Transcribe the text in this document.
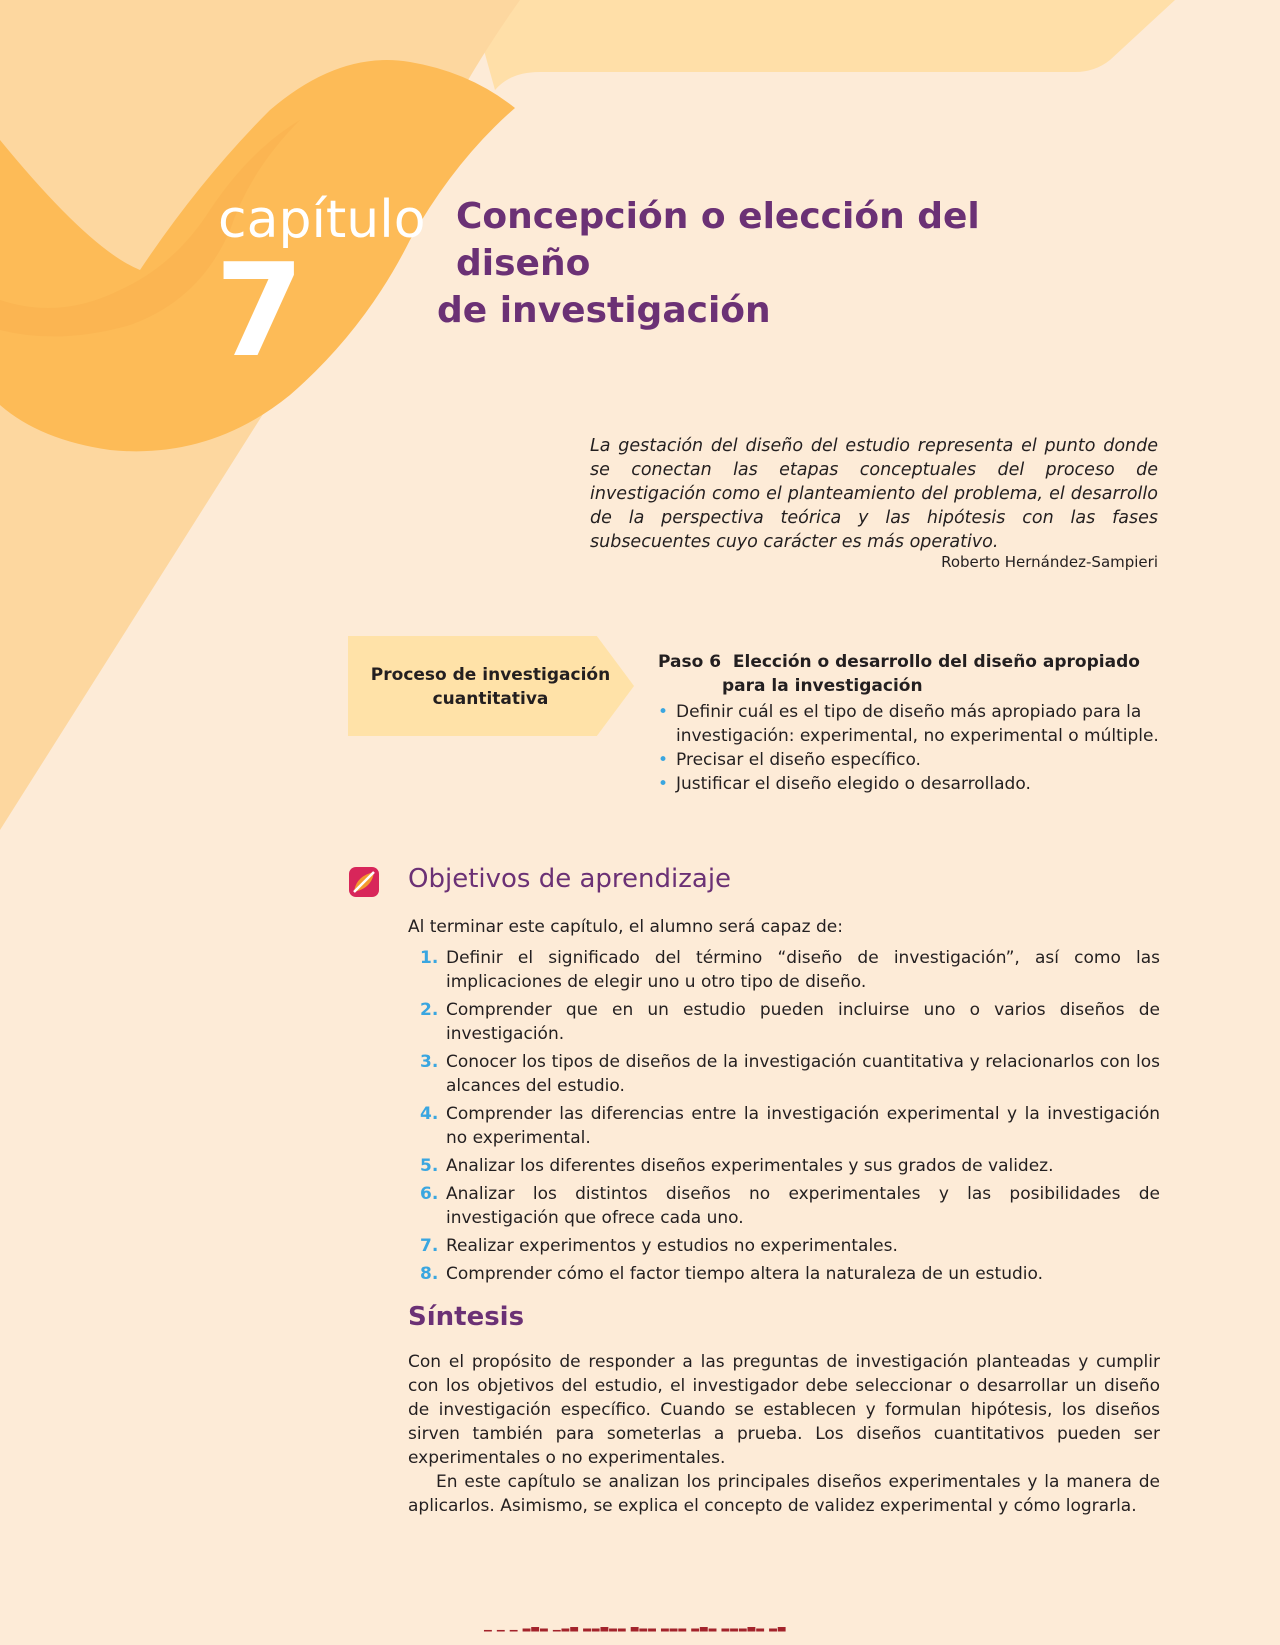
capítulo
7
Concepción o elección del diseño
de investigación
La gestación del diseño del estudio representa el punto donde se conectan las etapas conceptuales del proceso de investigación como el planteamiento del problema, el desarrollo de la perspectiva teórica y las hipótesis con las fases subsecuentes cuyo carácter es más operativo.
Roberto Hernández-Sampieri
Proceso de investigación
cuantitativa
Paso 6 Elección o desarrollo del diseño apropiado
para la investigación
• Definir cuál es el tipo de diseño más apropiado para la investigación: experimental, no experimental o múltiple.
• Precisar el diseño específico.
• Justificar el diseño elegido o desarrollado.
Objetivos de aprendizaje
Al terminar este capítulo, el alumno será capaz de:
1. Definir el significado del término “diseño de investigación”, así como las implicaciones de elegir uno u otro tipo de diseño.
2. Comprender que en un estudio pueden incluirse uno o varios diseños de investigación.
3. Conocer los tipos de diseños de la investigación cuantitativa y relacionarlos con los alcances del estudio.
4. Comprender las diferencias entre la investigación experimental y la investigación no experimental.
5. Analizar los diferentes diseños experimentales y sus grados de validez.
6. Analizar los distintos diseños no experimentales y las posibilidades de investigación que ofrece cada uno.
7. Realizar experimentos y estudios no experimentales.
8. Comprender cómo el factor tiempo altera la naturaleza de un estudio.
Síntesis

Con el propósito de responder a las preguntas de investigación planteadas y cumplir con los objetivos del estudio, el investigador debe seleccionar o desarrollar un diseño de investigación específico. Cuando se establecen y formulan hipótesis, los diseños sirven también para someterlas a prueba. Los diseños cuantitativos pueden ser experimentales o no experimentales.

En este capítulo se analizan los principales diseños experimentales y la manera de aplicarlos. Asimismo, se explica el concepto de validez experimental y cómo lograrla.

▁ ▁ ▁ ▂▃▂ ▁▂▃ ▂▂▃▂▂ ▃▂▂ ▂▂▂ ▂▃▂ ▂▂▂▃▂ ▂▃
